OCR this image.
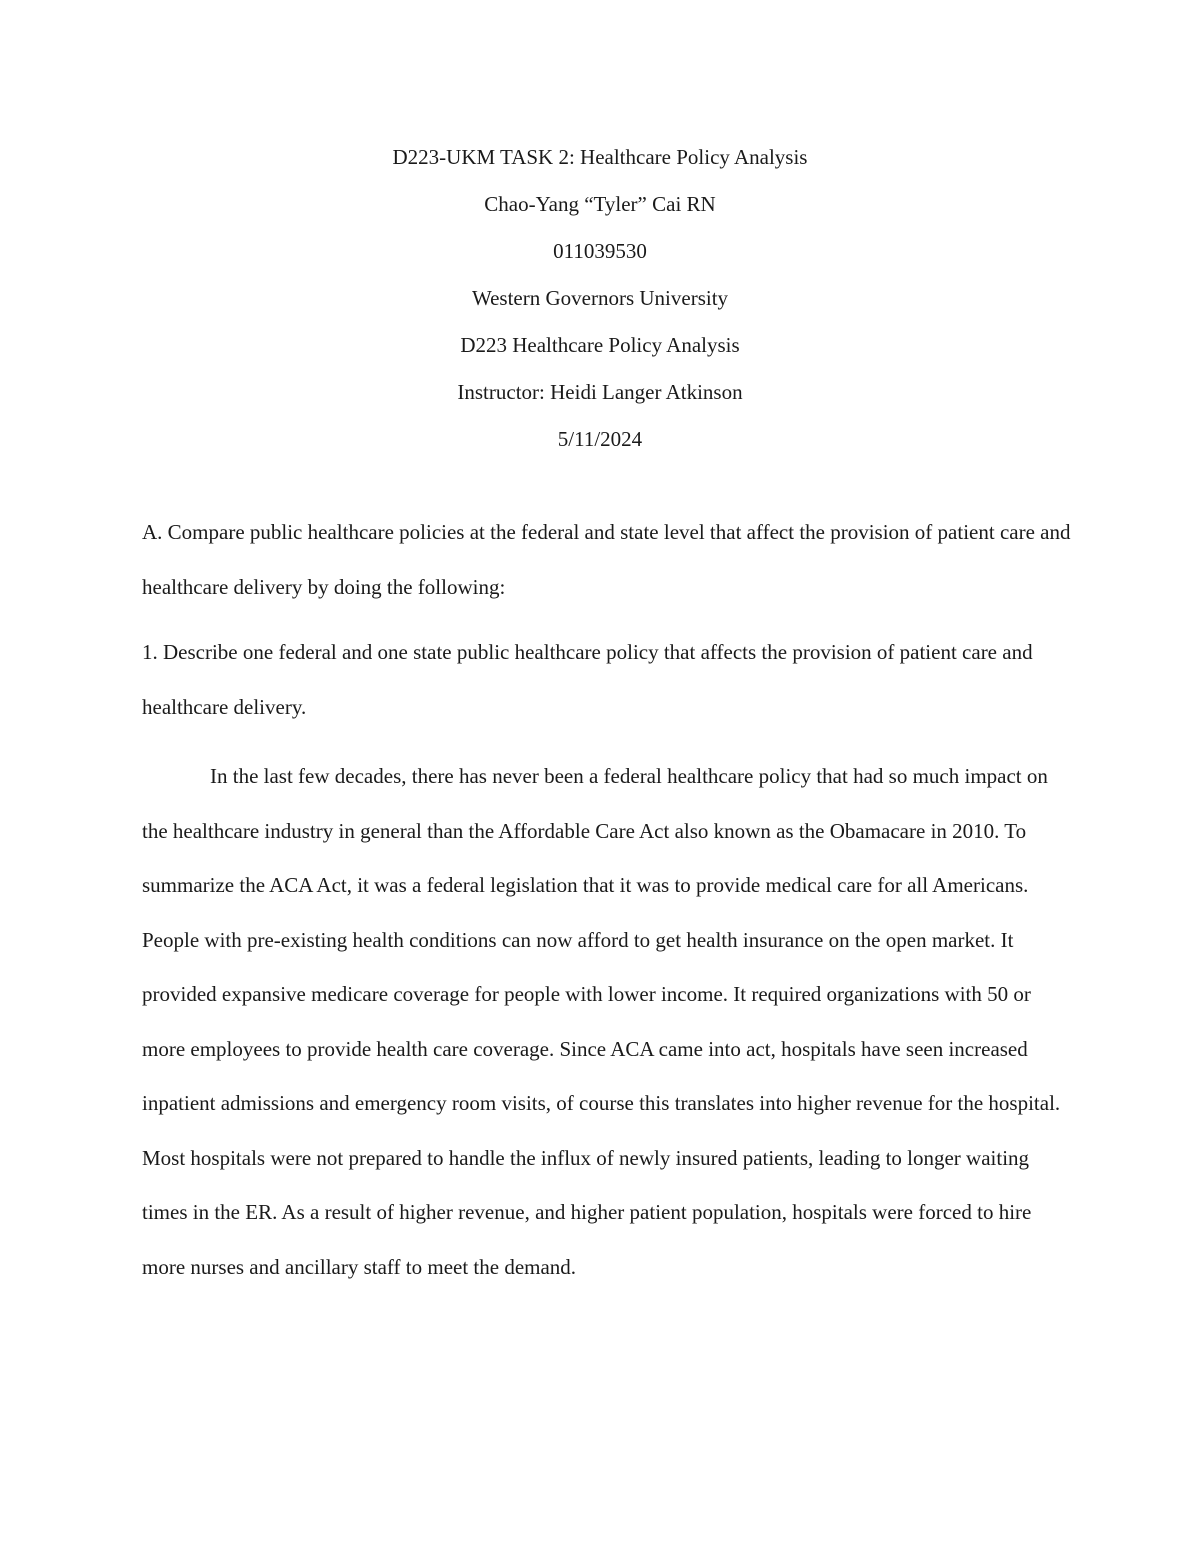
D223-UKM TASK 2: Healthcare Policy Analysis
Chao-Yang “Tyler” Cai RN
011039530
Western Governors University
D223 Healthcare Policy Analysis
Instructor: Heidi Langer Atkinson
5/11/2024

A. Compare public healthcare policies at the federal and state level that affect the provision of patient care and healthcare delivery by doing the following:

1. Describe one federal and one state public healthcare policy that affects the provision of patient care and healthcare delivery.

In the last few decades, there has never been a federal healthcare policy that had so much impact on the healthcare industry in general than the Affordable Care Act also known as the Obamacare in 2010. To summarize the ACA Act, it was a federal legislation that it was to provide medical care for all Americans. People with pre-existing health conditions can now afford to get health insurance on the open market. It provided expansive medicare coverage for people with lower income. It required organizations with 50 or more employees to provide health care coverage. Since ACA came into act, hospitals have seen increased inpatient admissions and emergency room visits, of course this translates into higher revenue for the hospital. Most hospitals were not prepared to handle the influx of newly insured patients, leading to longer waiting times in the ER. As a result of higher revenue, and higher patient population, hospitals were forced to hire more nurses and ancillary staff to meet the demand.
